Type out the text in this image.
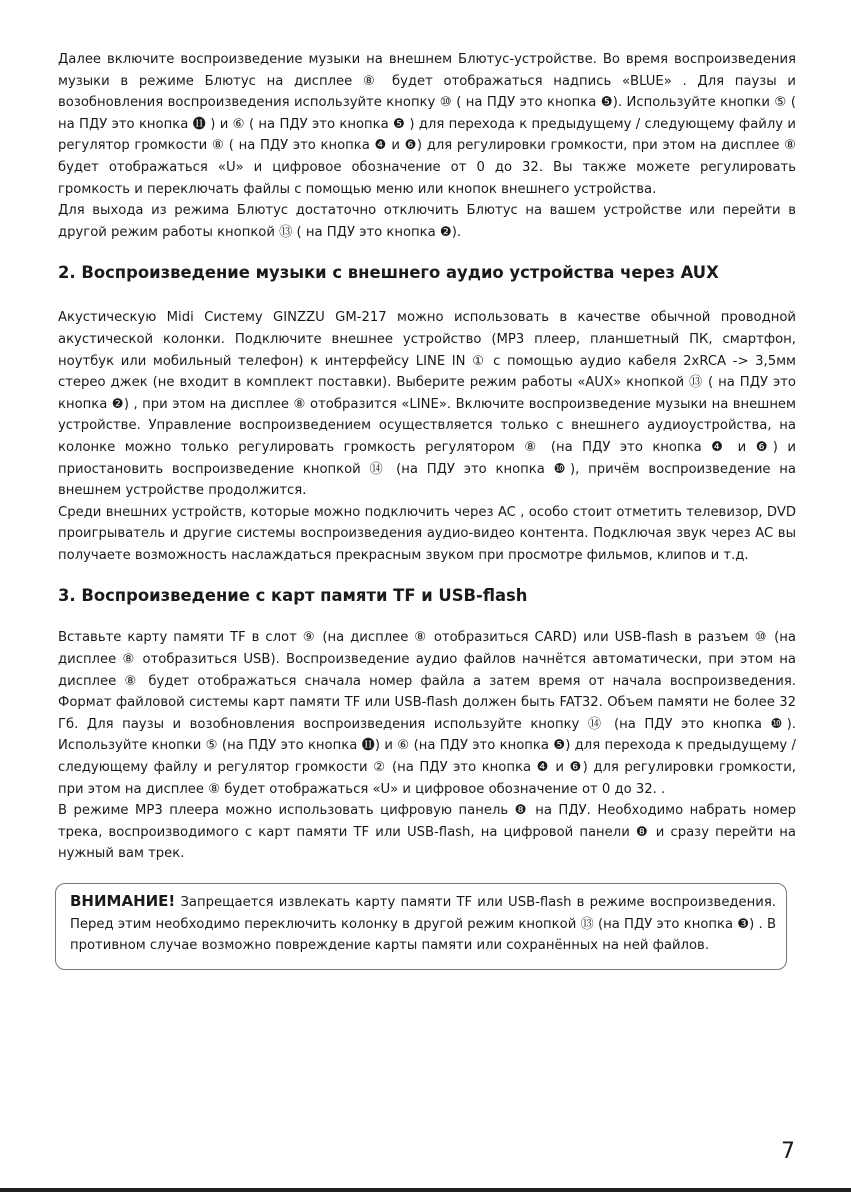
Далее включите воспроизведение музыки на внешнем Блютус-устройстве. Во время воспроизведения музыки в режиме Блютус на дисплее ⑧ будет отображаться надпись «BLUE» . Для паузы и возобновления воспроизведения используйте кнопку ⑩ ( на ПДУ это кнопка ❺). Используйте кнопки ⑤ ( на ПДУ это кнопка ⓫ ) и ⑥ ( на ПДУ это кнопка ❺ ) для перехода к предыдущему / следующему файлу и регулятор громкости ⑧ ( на ПДУ это кнопка ❹ и ❻) для регулировки громкости, при этом на дисплее ⑧ будет отображаться «U» и цифровое обозначение от 0 до 32. Вы также можете регулировать громкость и переключать файлы с помощью меню или кнопок внешнего устройства.

Для выхода из режима Блютус достаточно отключить Блютус на вашем устройстве или перейти в другой режим работы кнопкой ⑬ ( на ПДУ это кнопка ❷).

2. Воспроизведение музыки с внешнего аудио устройства через AUX

Акустическую Midi Систему GINZZU GM-217 можно использовать в качестве обычной проводной акустической колонки. Подключите внешнее устройство (MP3 плеер, планшетный ПК, смартфон, ноутбук или мобильный телефон) к интерфейсу LINE IN ① с помощью аудио кабеля 2xRCA -> 3,5мм стерео джек (не входит в комплект поставки). Выберите режим работы «AUX» кнопкой ⑬ ( на ПДУ это кнопка ❷) , при этом на дисплее ⑧ отобразится «LINE». Включите воспроизведение музыки на внешнем устройстве. Управление воспроизведением осуществляется только с внешнего аудиоустройства, на колонке можно только регулировать громкость регулятором ⑧ (на ПДУ это кнопка ❹ и ❻) и приостановить воспроизведение кнопкой ⑭ (на ПДУ это кнопка ❿), причём воспроизведение на внешнем устройстве продолжится.

Среди внешних устройств, которые можно подключить через AC , особо стоит отметить телевизор, DVD проигрыватель и другие системы воспроизведения аудио-видео контента. Подключая звук через AC вы получаете возможность наслаждаться прекрасным звуком при просмотре фильмов, клипов и т.д.

3. Воспроизведение с карт памяти TF и USB-flash

Вставьте карту памяти TF в слот ⑨ (на дисплее ⑧ отобразиться CARD) или USB-flash в разъем ⑩ (на дисплее ⑧ отобразиться USB). Воспроизведение аудио файлов начнётся автоматически, при этом на дисплее ⑧ будет отображаться сначала номер файла а затем время от начала воспроизведения. Формат файловой системы карт памяти TF или USB-flash должен быть FAT32. Объем памяти не более 32 Гб. Для паузы и возобновления воспроизведения используйте кнопку ⑭ (на ПДУ это кнопка ❿). Используйте кнопки ⑤ (на ПДУ это кнопка ⓫) и ⑥ (на ПДУ это кнопка ❺) для перехода к предыдущему / следующему файлу и регулятор громкости ② (на ПДУ это кнопка ❹ и ❻) для регулировки громкости, при этом на дисплее ⑧ будет отображаться «U» и цифровое обозначение от 0 до 32. .

В режиме MP3 плеера можно использовать цифровую панель ❽ на ПДУ. Необходимо набрать номер трека, воспроизводимого с карт памяти TF или USB-flash, на цифровой панели ❽ и сразу перейти на нужный вам трек.

ВНИМАНИЕ! Запрещается извлекать карту памяти TF или USB-flash в режиме воспроизведения. Перед этим необходимо переключить колонку в другой режим кнопкой ⑬ (на ПДУ это кнопка ❸) . В противном случае возможно повреждение карты памяти или сохранённых на ней файлов.

7
